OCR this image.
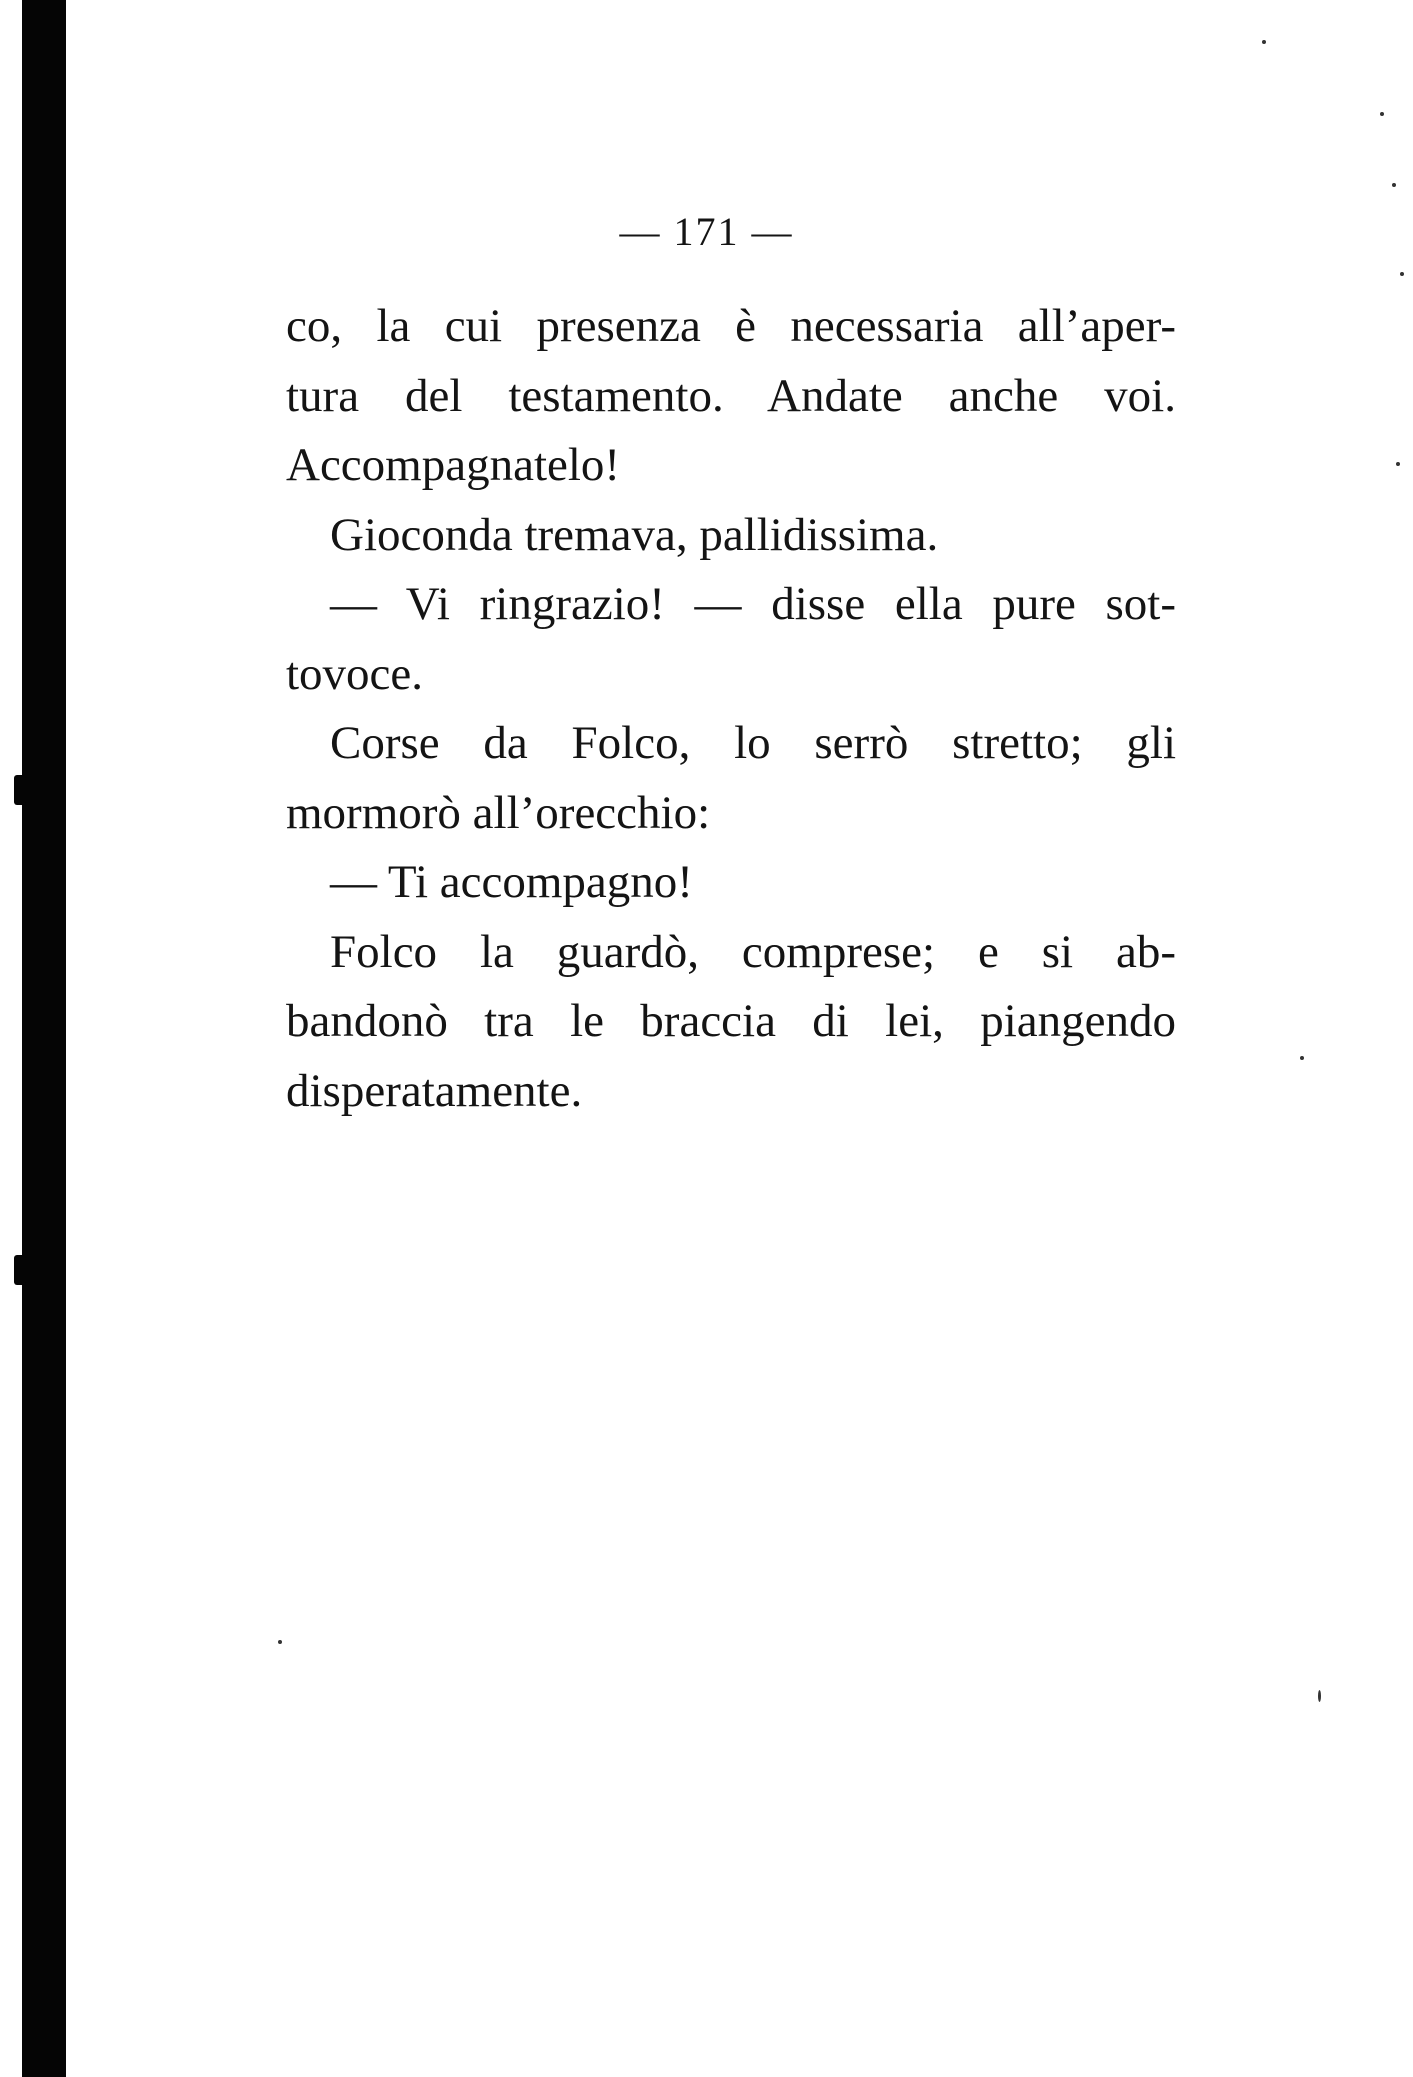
— 171 —
co, la cui presenza è necessaria all’aper-
tura del testamento. Andate anche voi.
Accompagnatelo!
Gioconda tremava, pallidissima.
— Vi ringrazio! — disse ella pure sot-
tovoce.
Corse da Folco, lo serrò stretto; gli
mormorò all’orecchio:
— Ti accompagno!
Folco la guardò, comprese; e si ab-
bandonò tra le braccia di lei, piangendo
disperatamente.
